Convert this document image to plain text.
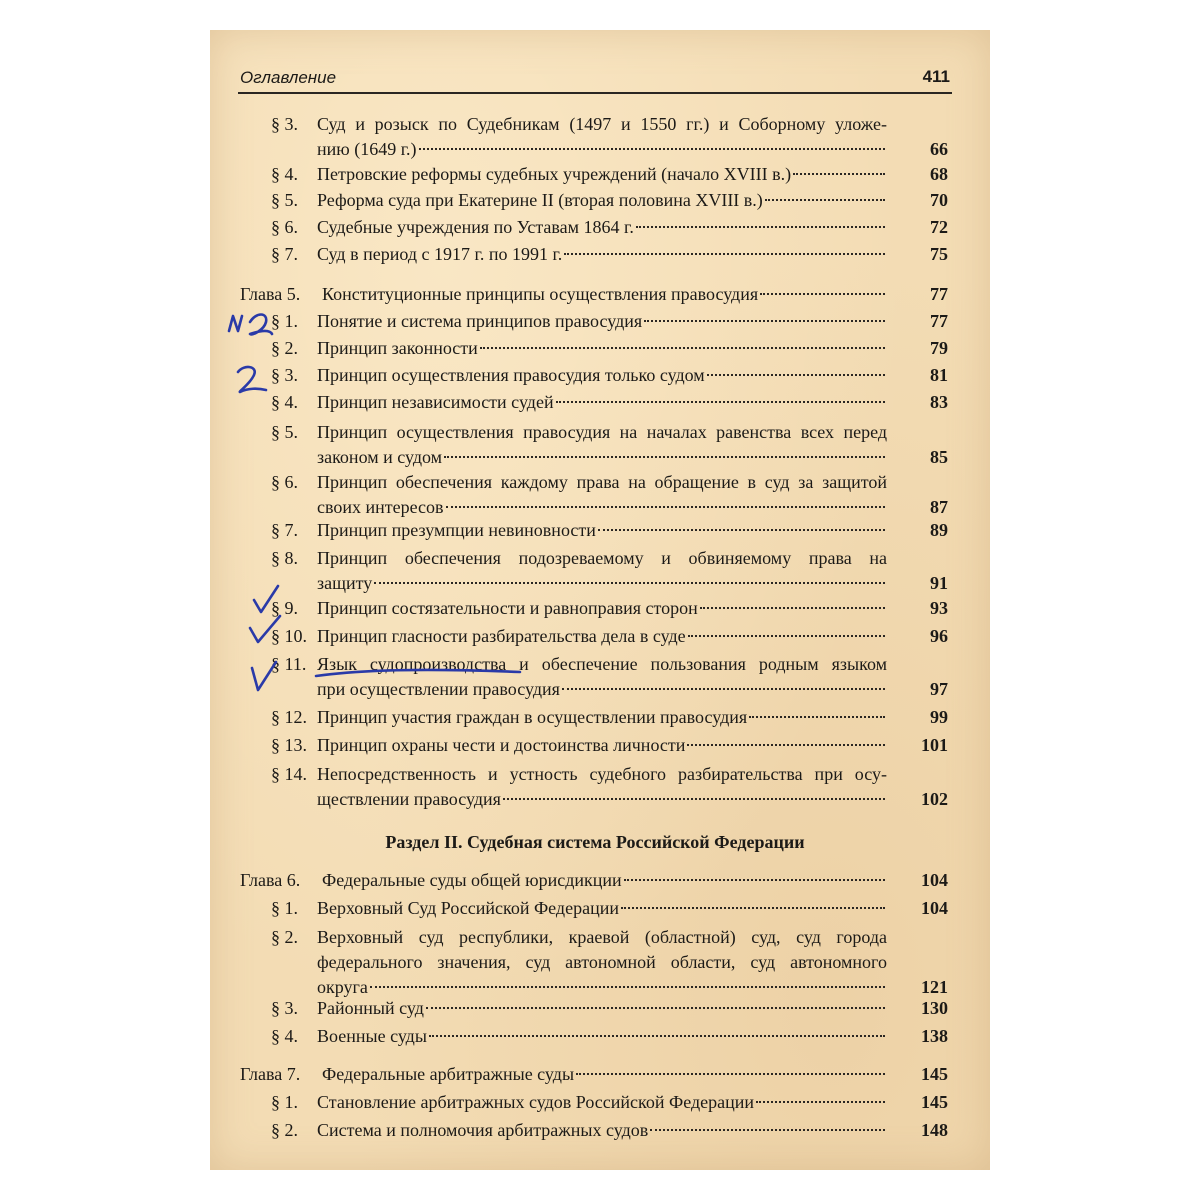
Оглавление	411
§ 3. Суд и розыск по Судебникам (1497 и 1550 гг.) и Соборному уложе-
нию (1649 г.)	66
§ 4. Петровские реформы судебных учреждений (начало XVIII в.)	68
§ 5. Реформа суда при Екатерине II (вторая половина XVIII в.)	70
§ 6. Судебные учреждения по Уставам 1864 г.	72
§ 7. Суд в период с 1917 г. по 1991 г.	75
Глава 5. Конституционные принципы осуществления правосудия	77
§ 1. Понятие и система принципов правосудия	77
§ 2. Принцип законности	79
§ 3. Принцип осуществления правосудия только судом	81
§ 4. Принцип независимости судей	83
§ 5. Принцип осуществления правосудия на началах равенства всех перед
законом и судом	85
§ 6. Принцип обеспечения каждому права на обращение в суд за защитой
своих интересов	87
§ 7. Принцип презумпции невиновности	89
§ 8. Принцип обеспечения подозреваемому и обвиняемому права на
защиту	91
§ 9. Принцип состязательности и равноправия сторон	93
§ 10. Принцип гласности разбирательства дела в суде	96
§ 11. Язык судопроизводства и обеспечение пользования родным языком
при осуществлении правосудия	97
§ 12. Принцип участия граждан в осуществлении правосудия	99
§ 13. Принцип охраны чести и достоинства личности	101
§ 14. Непосредственность и устность судебного разбирательства при осу-
ществлении правосудия	102
Глава 6. Федеральные суды общей юрисдикции	104
§ 1. Верховный Суд Российской Федерации	104
§ 2. Верховный суд республики, краевой (областной) суд, суд города
федерального значения, суд автономной области, суд автономного
округа	121
§ 3. Районный суд	130
§ 4. Военные суды	138
Глава 7. Федеральные арбитражные суды	145
§ 1. Становление арбитражных судов Российской Федерации	145
§ 2. Система и полномочия арбитражных судов	148
Раздел II. Судебная система Российской Федерации
